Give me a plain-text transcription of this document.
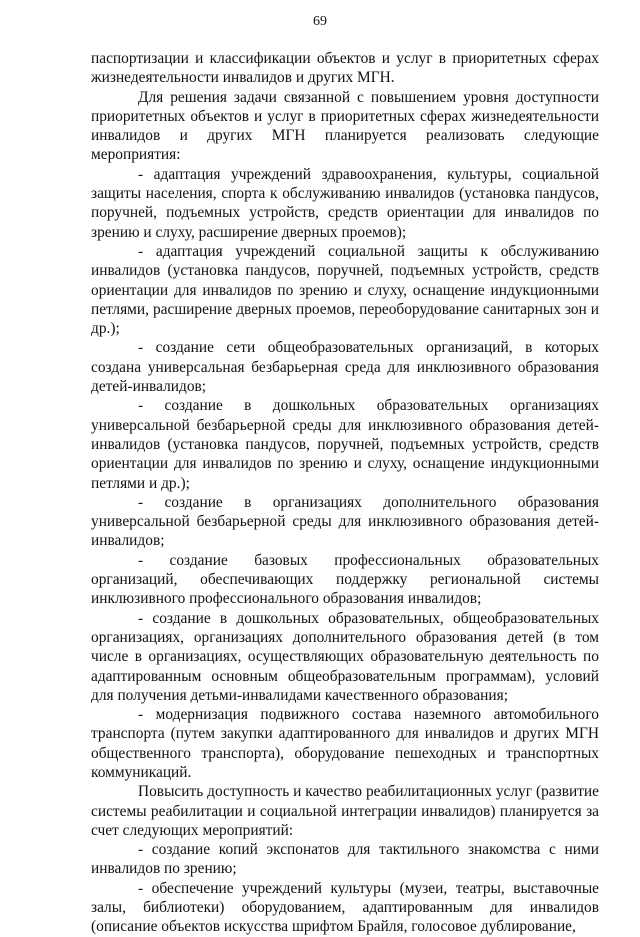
69

паспортизации и классификации объектов и услуг в приоритетных сферах жизнедеятельности инвалидов и других МГН.

Для решения задачи связанной с повышением уровня доступности приоритетных объектов и услуг в приоритетных сферах жизнедеятельности инвалидов и других МГН планируется реализовать следующие мероприятия:

- адаптация учреждений здравоохранения, культуры, социальной защиты населения, спорта к обслуживанию инвалидов (установка пандусов, поручней, подъемных устройств, средств ориентации для инвалидов по зрению и слуху, расширение дверных проемов);

- адаптация учреждений социальной защиты к обслуживанию инвалидов (установка пандусов, поручней, подъемных устройств, средств ориентации для инвалидов по зрению и слуху, оснащение индукционными петлями, расширение дверных проемов, переоборудование санитарных зон и др.);

- создание сети общеобразовательных организаций, в которых создана универсальная безбарьерная среда для инклюзивного образования детей-инвалидов;

- создание в дошкольных образовательных организациях универсальной безбарьерной среды для инклюзивного образования детей-инвалидов (установка пандусов, поручней, подъемных устройств, средств ориентации для инвалидов по зрению и слуху, оснащение индукционными петлями и др.);

- создание в организациях дополнительного образования универсальной безбарьерной среды для инклюзивного образования детей-инвалидов;

- создание базовых профессиональных образовательных организаций, обеспечивающих поддержку региональной системы инклюзивного профессионального образования инвалидов;

- создание в дошкольных образовательных, общеобразовательных организациях, организациях дополнительного образования детей (в том числе в организациях, осуществляющих образовательную деятельность по адаптированным основным общеобразовательным программам), условий для получения детьми-инвалидами качественного образования;

- модернизация подвижного состава наземного автомобильного транспорта (путем закупки адаптированного для инвалидов и других МГН общественного транспорта), оборудование пешеходных и транспортных коммуникаций.

Повысить доступность и качество реабилитационных услуг (развитие системы реабилитации и социальной интеграции инвалидов) планируется за счет следующих мероприятий:

- создание копий экспонатов для тактильного знакомства с ними инвалидов по зрению;

- обеспечение учреждений культуры (музеи, театры, выставочные залы, библиотеки) оборудованием, адаптированным для инвалидов (описание объектов искусства шрифтом Брайля, голосовое дублирование,
